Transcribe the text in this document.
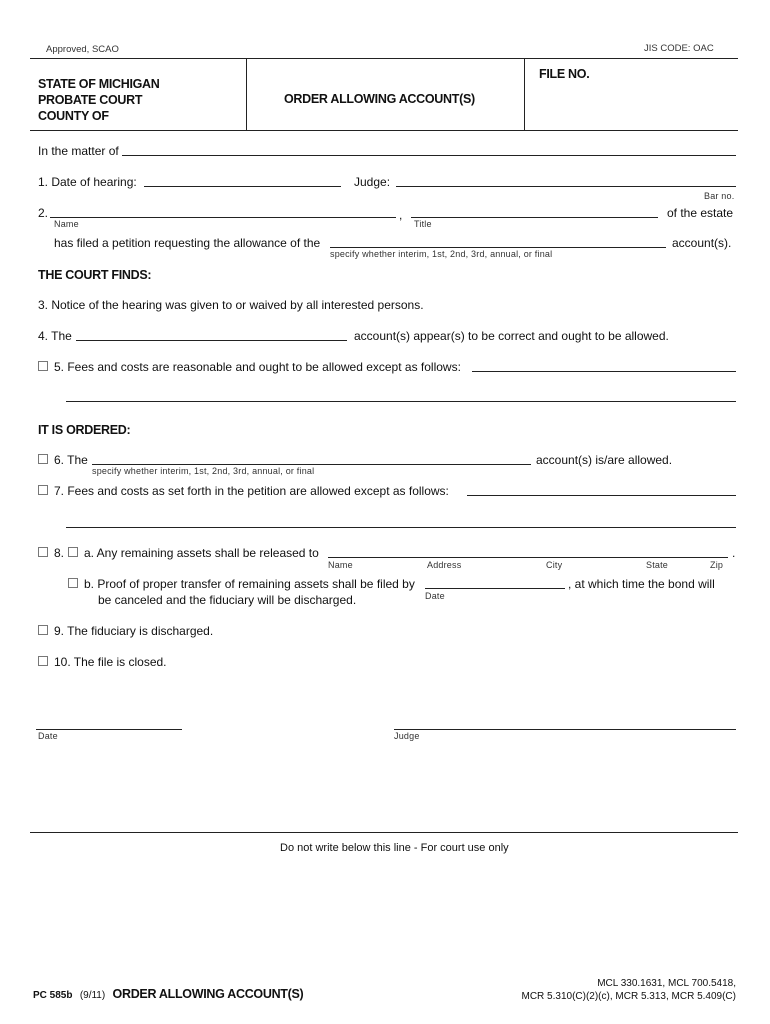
Approved, SCAO	JIS CODE: OAC
STATE OF MICHIGAN
PROBATE COURT
COUNTY OF
ORDER ALLOWING ACCOUNT(S)
FILE NO.
In the matter of
1. Date of hearing:	Judge:
Bar no.
2.	,	of the estate
Name	Title
has filed a petition requesting the allowance of the	account(s).
specify whether interim, 1st, 2nd, 3rd, annual, or final
THE COURT FINDS:
3. Notice of the hearing was given to or waived by all interested persons.
4. The	account(s) appear(s) to be correct and ought to be allowed.
5. Fees and costs are reasonable and ought to be allowed except as follows:
IT IS ORDERED:
6. The	account(s) is/are allowed.
specify whether interim, 1st, 2nd, 3rd, annual, or final
7. Fees and costs as set forth in the petition are allowed except as follows:
8. a. Any remaining assets shall be released to	.
Name	Address	City	State	Zip
b. Proof of proper transfer of remaining assets shall be filed by	, at which time the bond will
be canceled and the fiduciary will be discharged.	Date
9. The fiduciary is discharged.
10. The file is closed.
Date	Judge
Do not write below this line - For court use only
PC 585b (9/11) ORDER ALLOWING ACCOUNT(S)
MCL 330.1631, MCL 700.5418,
MCR 5.310(C)(2)(c), MCR 5.313, MCR 5.409(C)
